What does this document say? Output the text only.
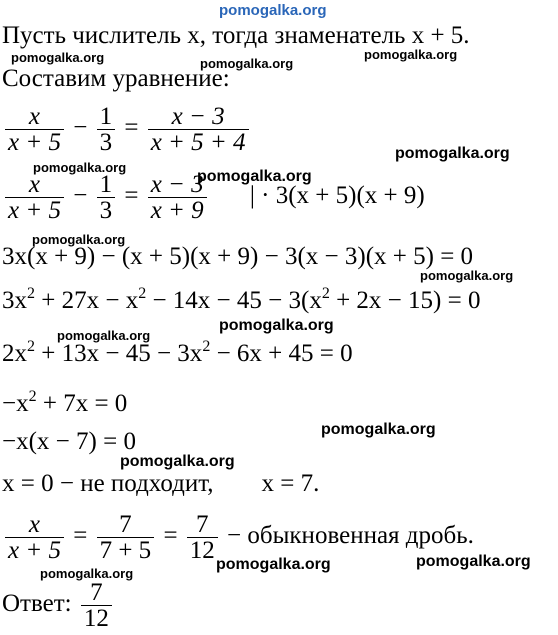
pomogalka.org
pomogalka.org	pomogalka.org
pomogalka.org
pomogalka.org
pomogalka.org
pomogalka.org
pomogalka.org
pomogalka.org
pomogalka.org
pomogalka.org
pomogalka.org
pomogalka.org
pomogalka.org	pomogalka.org
pomogalka.org
Пусть числитель x, тогда знаменатель x + 5.
Составим уравнение:
$\frac{x}{x + 5} - \frac{1}{3} = \frac{x - 3}{x + 5 + 4}$
$\frac{x}{x + 5} - \frac{1}{3} = \frac{x - 3}{x + 9}$ | · 3(x + 5)(x + 9)
3x(x + 9) − (x + 5)(x + 9) − 3(x − 3)(x + 5) = 0
$3x^2 + 27x - x^2 - 14x - 45 - 3(x^2 + 2x - 15) = 0$
$2x^2 + 13x - 45 - 3x^2 - 6x + 45 = 0$
$-x^2 + 7x = 0$
−x(x − 7) = 0
x = 0 − не подходит, x = 7.
$\frac{x}{x + 5} = \frac{7}{7 + 5} = \frac{7}{12}$ − обыкновенная дробь.
Ответ: $\frac{7}{12}$
